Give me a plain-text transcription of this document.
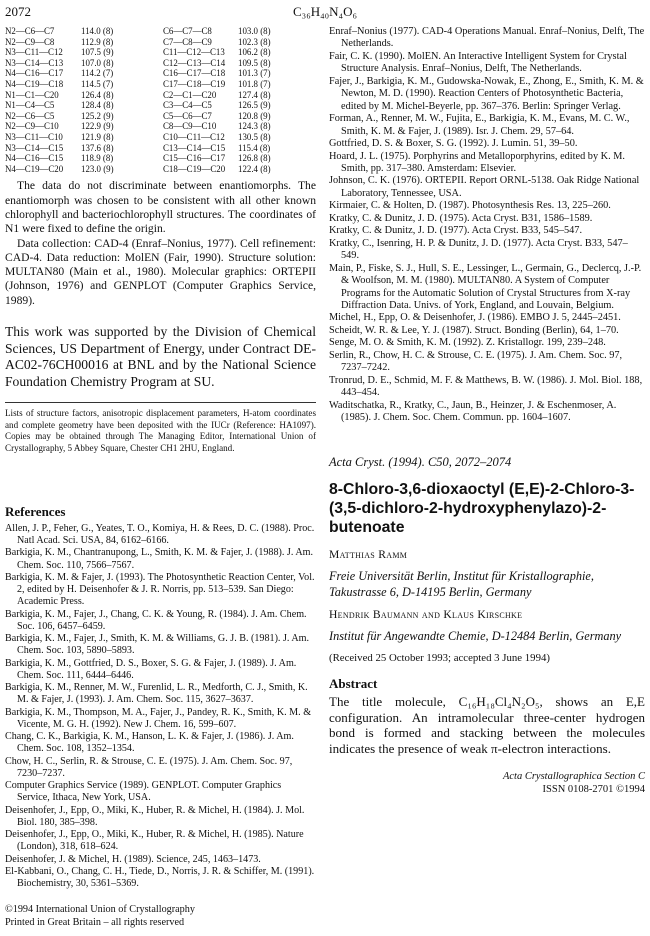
2072	C₃₆H₄₀N₄O₆
N2—C6—C7	114.0 (8)	C6—C7—C8	103.0 (8)
N2—C9—C8	112.9 (8)	C7—C8—C9	102.3 (8)
N3—C11—C12	107.5 (9)	C11—C12—C13	106.2 (8)
N3—C14—C13	107.0 (8)	C12—C13—C14	109.5 (8)
N4—C16—C17	114.2 (7)	C16—C17—C18	101.3 (7)
N4—C19—C18	114.5 (7)	C17—C18—C19	101.8 (7)
N1—C1—C20	126.4 (8)	C2—C1—C20	127.4 (8)
N1—C4—C5	128.4 (8)	C3—C4—C5	126.5 (9)
N2—C6—C5	125.2 (9)	C5—C6—C7	120.8 (9)
N2—C9—C10	122.9 (9)	C8—C9—C10	124.3 (8)
N3—C11—C10	121.9 (8)	C10—C11—C12	130.5 (8)
N3—C14—C15	137.6 (8)	C13—C14—C15	115.4 (8)
N4—C16—C15	118.9 (8)	C15—C16—C17	126.8 (8)
N4—C19—C20	123.0 (9)	C18—C19—C20	122.4 (8)

The data do not discriminate between enantiomorphs. The enantiomorph was chosen to be consistent with all other known chlorophyll and bacteriochlorophyll structures. The coordinates of N1 were fixed to define the origin.

Data collection: CAD-4 (Enraf–Nonius, 1977). Cell refinement: CAD-4. Data reduction: MolEN (Fair, 1990). Structure solution: MULTAN80 (Main et al., 1980). Molecular graphics: ORTEPII (Johnson, 1976) and GENPLOT (Computer Graphics Service, 1989).

This work was supported by the Division of Chemical Sciences, US Department of Energy, under Contract DE-AC02-76CH00016 at BNL and by the National Science Foundation Chemistry Program at SU.
Lists of structure factors, anisotropic displacement parameters, H-atom coordinates and complete geometry have been deposited with the IUCr (Reference: HA1097). Copies may be obtained through The Managing Editor, International Union of Crystallography, 5 Abbey Square, Chester CH1 2HU, England.
References
Allen, J. P., Feher, G., Yeates, T. O., Komiya, H. & Rees, D. C. (1988). Proc. Natl Acad. Sci. USA, 84, 6162–6166.
Barkigia, K. M., Chantranupong, L., Smith, K. M. & Fajer, J. (1988). J. Am. Chem. Soc. 110, 7566–7567.
Barkigia, K. M. & Fajer, J. (1993). The Photosynthetic Reaction Center, Vol. 2, edited by H. Deisenhofer & J. R. Norris, pp. 513–539. San Diego: Academic Press.
Barkigia, K. M., Fajer, J., Chang, C. K. & Young, R. (1984). J. Am. Chem. Soc. 106, 6457–6459.
Barkigia, K. M., Fajer, J., Smith, K. M. & Williams, G. J. B. (1981). J. Am. Chem. Soc. 103, 5890–5893.
Barkigia, K. M., Gottfried, D. S., Boxer, S. G. & Fajer, J. (1989). J. Am. Chem. Soc. 111, 6444–6446.
Barkigia, K. M., Renner, M. W., Furenlid, L. R., Medforth, C. J., Smith, K. M. & Fajer, J. (1993). J. Am. Chem. Soc. 115, 3627–3637.
Barkigia, K. M., Thompson, M. A., Fajer, J., Pandey, R. K., Smith, K. M. & Vicente, M. G. H. (1992). New J. Chem. 16, 599–607.
Chang, C. K., Barkigia, K. M., Hanson, L. K. & Fajer, J. (1986). J. Am. Chem. Soc. 108, 1352–1354.
Chow, H. C., Serlin, R. & Strouse, C. E. (1975). J. Am. Chem. Soc. 97, 7230–7237.
Computer Graphics Service (1989). GENPLOT. Computer Graphics Service, Ithaca, New York, USA.
Deisenhofer, J., Epp, O., Miki, K., Huber, R. & Michel, H. (1984). J. Mol. Biol. 180, 385–398.
Deisenhofer, J., Epp, O., Miki, K., Huber, R. & Michel, H. (1985). Nature (London), 318, 618–624.
Deisenhofer, J. & Michel, H. (1989). Science, 245, 1463–1473.
El-Kabbani, O., Chang, C. H., Tiede, D., Norris, J. R. & Schiffer, M. (1991). Biochemistry, 30, 5361–5369.
©1994 International Union of Crystallography
Printed in Great Britain – all rights reserved
Enraf–Nonius (1977). CAD-4 Operations Manual. Enraf–Nonius, Delft, The Netherlands.
Fair, C. K. (1990). MolEN. An Interactive Intelligent System for Crystal Structure Analysis. Enraf–Nonius, Delft, The Netherlands.
Fajer, J., Barkigia, K. M., Gudowska-Nowak, E., Zhong, E., Smith, K. M. & Newton, M. D. (1990). Reaction Centers of Photosynthetic Bacteria, edited by M. Michel-Beyerle, pp. 367–376. Berlin: Springer Verlag.
Forman, A., Renner, M. W., Fujita, E., Barkigia, K. M., Evans, M. C. W., Smith, K. M. & Fajer, J. (1989). Isr. J. Chem. 29, 57–64.
Gottfried, D. S. & Boxer, S. G. (1992). J. Lumin. 51, 39–50.
Hoard, J. L. (1975). Porphyrins and Metalloporphyrins, edited by K. M. Smith, pp. 317–380. Amsterdam: Elsevier.
Johnson, C. K. (1976). ORTEPII. Report ORNL-5138. Oak Ridge National Laboratory, Tennessee, USA.
Kirmaier, C. & Holten, D. (1987). Photosynthesis Res. 13, 225–260.
Kratky, C. & Dunitz, J. D. (1975). Acta Cryst. B31, 1586–1589.
Kratky, C. & Dunitz, J. D. (1977). Acta Cryst. B33, 545–547.
Kratky, C., Isenring, H. P. & Dunitz, J. D. (1977). Acta Cryst. B33, 547–549.
Main, P., Fiske, S. J., Hull, S. E., Lessinger, L., Germain, G., Declercq, J.-P. & Woolfson, M. M. (1980). MULTAN80. A System of Computer Programs for the Automatic Solution of Crystal Structures from X-ray Diffraction Data. Univs. of York, England, and Louvain, Belgium.
Michel, H., Epp, O. & Deisenhofer, J. (1986). EMBO J. 5, 2445–2451.
Scheidt, W. R. & Lee, Y. J. (1987). Struct. Bonding (Berlin), 64, 1–70.
Senge, M. O. & Smith, K. M. (1992). Z. Kristallogr. 199, 239–248.
Serlin, R., Chow, H. C. & Strouse, C. E. (1975). J. Am. Chem. Soc. 97, 7237–7242.
Tronrud, D. E., Schmid, M. F. & Matthews, B. W. (1986). J. Mol. Biol. 188, 443–454.
Waditschatka, R., Kratky, C., Jaun, B., Heinzer, J. & Eschenmoser, A. (1985). J. Chem. Soc. Chem. Commun. pp. 1604–1607.
Acta Cryst. (1994). C50, 2072–2074
8-Chloro-3,6-dioxaoctyl (E,E)-2-Chloro-3-(3,5-dichloro-2-hydroxyphenylazo)-2-butenoate
Matthias Ramm
Freie Universität Berlin, Institut für Kristallographie, Takustrasse 6, D-14195 Berlin, Germany
Hendrik Baumann and Klaus Kirschke
Institut für Angewandte Chemie, D-12484 Berlin, Germany
(Received 25 October 1993; accepted 3 June 1994)
Abstract
The title molecule, C₁₆H₁₈Cl₄N₂O₅, shows an E,E configuration. An intramolecular three-center hydrogen bond is formed and stacking between the molecules indicates the presence of weak π-electron interactions.
Acta Crystallographica Section C
ISSN 0108-2701 ©1994
